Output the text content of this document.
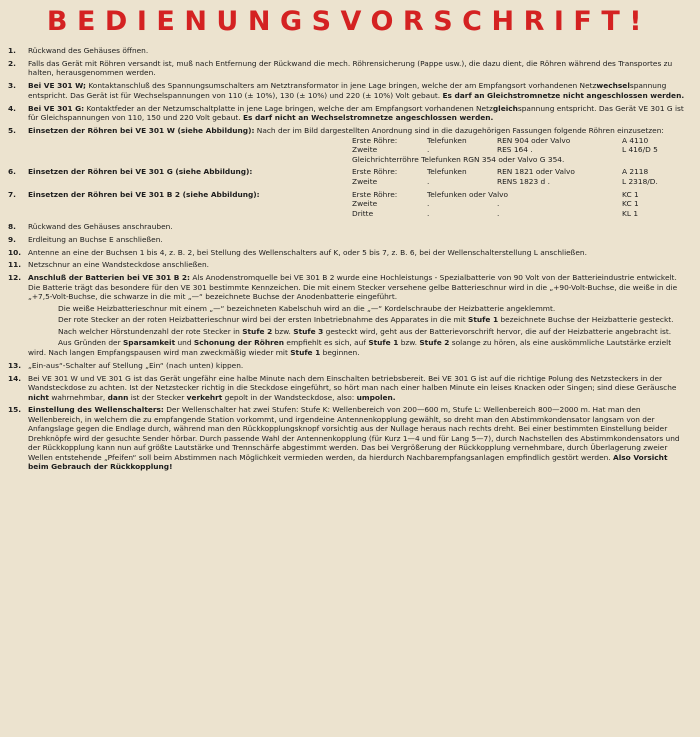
BEDIENUNGSVORSCHRIFT!
1. Rückwand des Gehäuses öffnen.
2. Falls das Gerät mit Röhren versandt ist, muß nach Entfernung der Rückwand die mech. Röhrensicherung (Pappe usw.), die dazu dient, die Röhren während des Transportes zu halten, herausgenommen werden.
3. Bei VE 301 W; Kontaktanschluß des Spannungsumschalters am Netztransformator in jene Lage bringen, welche der am Empfangsort vorhandenen Netzwechselspannung entspricht. Das Gerät ist für Wechselspannungen von 110 (± 10%), 130 (± 10%) und 220 (± 10%) Volt gebaut. Es darf an Gleichstromnetze nicht angeschlossen werden.
4. Bei VE 301 G: Kontaktfeder an der Netzumschaltplatte in jene Lage bringen, welche der am Empfangsort vorhandenen Netzgleichspannung entspricht. Das Gerät VE 301 G ist für Gleichspannungen von 110, 150 und 220 Volt gebaut. Es darf nicht an Wechselstromnetze angeschlossen werden.
5. Einsetzen der Röhren bei VE 301 W (siehe Abbildung): Nach der im Bild dargestellten Anordnung sind in die dazugehörigen Fassungen folgende Röhren einzusetzen:
Erste Röhre:	Telefunken	REN 904 oder Valvo	A 4110
Zweite	.	RES 164 .	L 416/D 5
Gleichrichterröhre Telefunken RGN 354 oder Valvo G 354.
6. Einsetzen der Röhren bei VE 301 G (siehe Abbildung):	Erste Röhre:	Telefunken	REN 1821 oder Valvo	A 2118
Zweite	.	RENS 1823 d .	L 2318/D.
7. Einsetzen der Röhren bei VE 301 B 2 (siehe Abbildung):	Erste Röhre:	Telefunken oder Valvo	KC 1
Zweite	.	.	KC 1
Dritte	.	.	KL 1
8. Rückwand des Gehäuses anschrauben.
9. Erdleitung an Buchse E anschließen.
10. Antenne an eine der Buchsen 1 bis 4, z. B. 2, bei Stellung des Wellenschalters auf K, oder 5 bis 7, z. B. 6, bei der Wellenschalterstellung L anschließen.
11. Netzschnur an eine Wandsteckdose anschließen.
12. Anschluß der Batterien bei VE 301 B 2: Als Anodenstromquelle bei VE 301 B 2 wurde eine Hochleistungs - Spezialbatterie von 90 Volt von der Batterieindustrie entwickelt. Die Batterie trägt das besondere für den VE 301 bestimmte Kennzeichen. Die mit einem Stecker versehene gelbe Batterieschnur wird in die „+90-Volt-Buchse, die weiße in die „+7,5-Volt-Buchse, die schwarze in die mit „—“ bezeichnete Buchse der Anodenbatterie eingeführt.
Die weiße Heizbatterieschnur mit einem „—“ bezeichneten Kabelschuh wird an die „—“ Kordelschraube der Heizbatterie angeklemmt.
Der rote Stecker an der roten Heizbatterieschnur wird bei der ersten Inbetriebnahme des Apparates in die mit Stufe 1 bezeichnete Buchse der Heizbatterie gesteckt.
Nach welcher Hörstundenzahl der rote Stecker in Stufe 2 bzw. Stufe 3 gesteckt wird, geht aus der Batterievorschrift hervor, die auf der Heizbatterie angebracht ist.
Aus Gründen der Sparsamkeit und Schonung der Röhren empfiehlt es sich, auf Stufe 1 bzw. Stufe 2 solange zu hören, als eine auskömmliche Lautstärke erzielt wird. Nach langen Empfangspausen wird man zweckmäßig wieder mit Stufe 1 beginnen.
13. „Ein-aus“-Schalter auf Stellung „Ein“ (nach unten) kippen.
14. Bei VE 301 W und VE 301 G ist das Gerät ungefähr eine halbe Minute nach dem Einschalten betriebsbereit. Bei VE 301 G ist auf die richtige Polung des Netzsteckers in der Wandsteckdose zu achten. Ist der Netzstecker richtig in die Steckdose eingeführt, so hört man nach einer halben Minute ein leises Knacken oder Singen; sind diese Geräusche nicht wahrnehmbar, dann ist der Stecker verkehrt gepolt in der Wandsteckdose, also: umpolen.
15. Einstellung des Wellenschalters: Der Wellenschalter hat zwei Stufen: Stufe K: Wellenbereich von 200—600 m, Stufe L: Wellenbereich 800—2000 m. Hat man den Wellenbereich, in welchem die zu empfangende Station vorkommt, und irgendeine Antennenkopplung gewählt, so dreht man den Abstimmkondensator langsam von der Anfangslage gegen die Endlage durch, während man den Rückkopplungsknopf vorsichtig aus der Nullage heraus nach rechts dreht. Bei einer bestimmten Einstellung beider Drehknöpfe wird der gesuchte Sender hörbar. Durch passende Wahl der Antennenkopplung (für Kurz 1—4 und für Lang 5—7), durch Nachstellen des Abstimmkondensators und der Rückkopplung kann nun auf größte Lautstärke und Trennschärfe abgestimmt werden. Das bei Vergrößerung der Rückkopplung vernehmbare, durch Überlagerung zweier Wellen entstehende „Pfeifen“ soll beim Abstimmen nach Möglichkeit vermieden werden, da hierdurch Nachbarempfangsanlagen empfindlich gestört werden. Also Vorsicht beim Gebrauch der Rückkopplung!
